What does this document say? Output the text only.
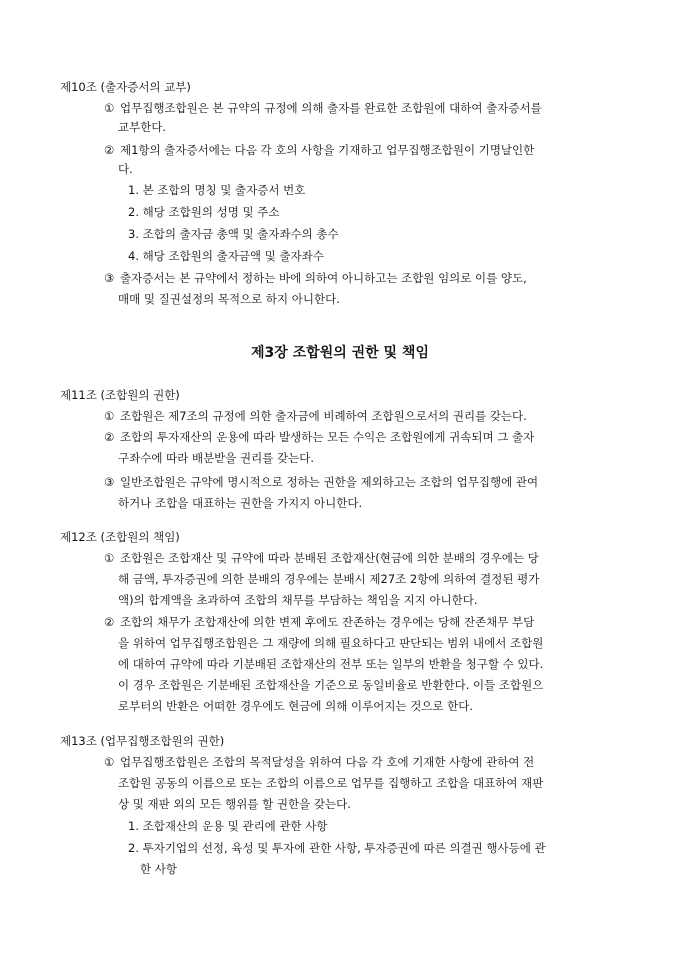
제10조 (출자증서의 교부)
① 업무집행조합원은 본 규약의 규정에 의해 출자를 완료한 조합원에 대하여 출자증서를
교부한다.
② 제1항의 출자증서에는 다음 각 호의 사항을 기재하고 업무집행조합원이 기명날인한
다.
1. 본 조합의 명칭 및 출자증서 번호
2. 해당 조합원의 성명 및 주소
3. 조합의 출자금 총액 및 출자좌수의 총수
4. 해당 조합원의 출자금액 및 출자좌수
③ 출자증서는 본 규약에서 정하는 바에 의하여 아니하고는 조합원 임의로 이를 양도,
매매 및 질권설정의 목적으로 하지 아니한다.
제3장 조합원의 권한 및 책임
제11조 (조합원의 권한)
① 조합원은 제7조의 규정에 의한 출자금에 비례하여 조합원으로서의 권리를 갖는다.
② 조합의 투자재산의 운용에 따라 발생하는 모든 수익은 조합원에게 귀속되며 그 출자
구좌수에 따라 배분받을 권리를 갖는다.
③ 일반조합원은 규약에 명시적으로 정하는 권한을 제외하고는 조합의 업무집행에 관여
하거나 조합을 대표하는 권한을 가지지 아니한다.
제12조 (조합원의 책임)
① 조합원은 조합재산 및 규약에 따라 분배된 조합재산(현금에 의한 분배의 경우에는 당
해 금액, 투자증권에 의한 분배의 경우에는 분배시 제27조 2항에 의하여 결정된 평가
액)의 합계액을 초과하여 조합의 채무를 부담하는 책임을 지지 아니한다.
② 조합의 채무가 조합재산에 의한 변제 후에도 잔존하는 경우에는 당해 잔존채무 부담
을 위하여 업무집행조합원은 그 재량에 의해 필요하다고 판단되는 범위 내에서 조합원
에 대하여 규약에 따라 기분배된 조합재산의 전부 또는 일부의 반환을 청구할 수 있다.
이 경우 조합원은 기분배된 조합재산을 기준으로 동일비율로 반환한다. 이들 조합원으
로부터의 반환은 어떠한 경우에도 현금에 의해 이루어지는 것으로 한다.
제13조 (업무집행조합원의 권한)
① 업무집행조합원은 조합의 목적달성을 위하여 다음 각 호에 기재한 사항에 관하여 전
조합원 공동의 이름으로 또는 조합의 이름으로 업무를 집행하고 조합을 대표하여 재판
상 및 재판 외의 모든 행위를 할 권한을 갖는다.
1. 조합재산의 운용 및 관리에 관한 사항
2. 투자기업의 선정, 육성 및 투자에 관한 사항, 투자증권에 따른 의결권 행사등에 관
한 사항
